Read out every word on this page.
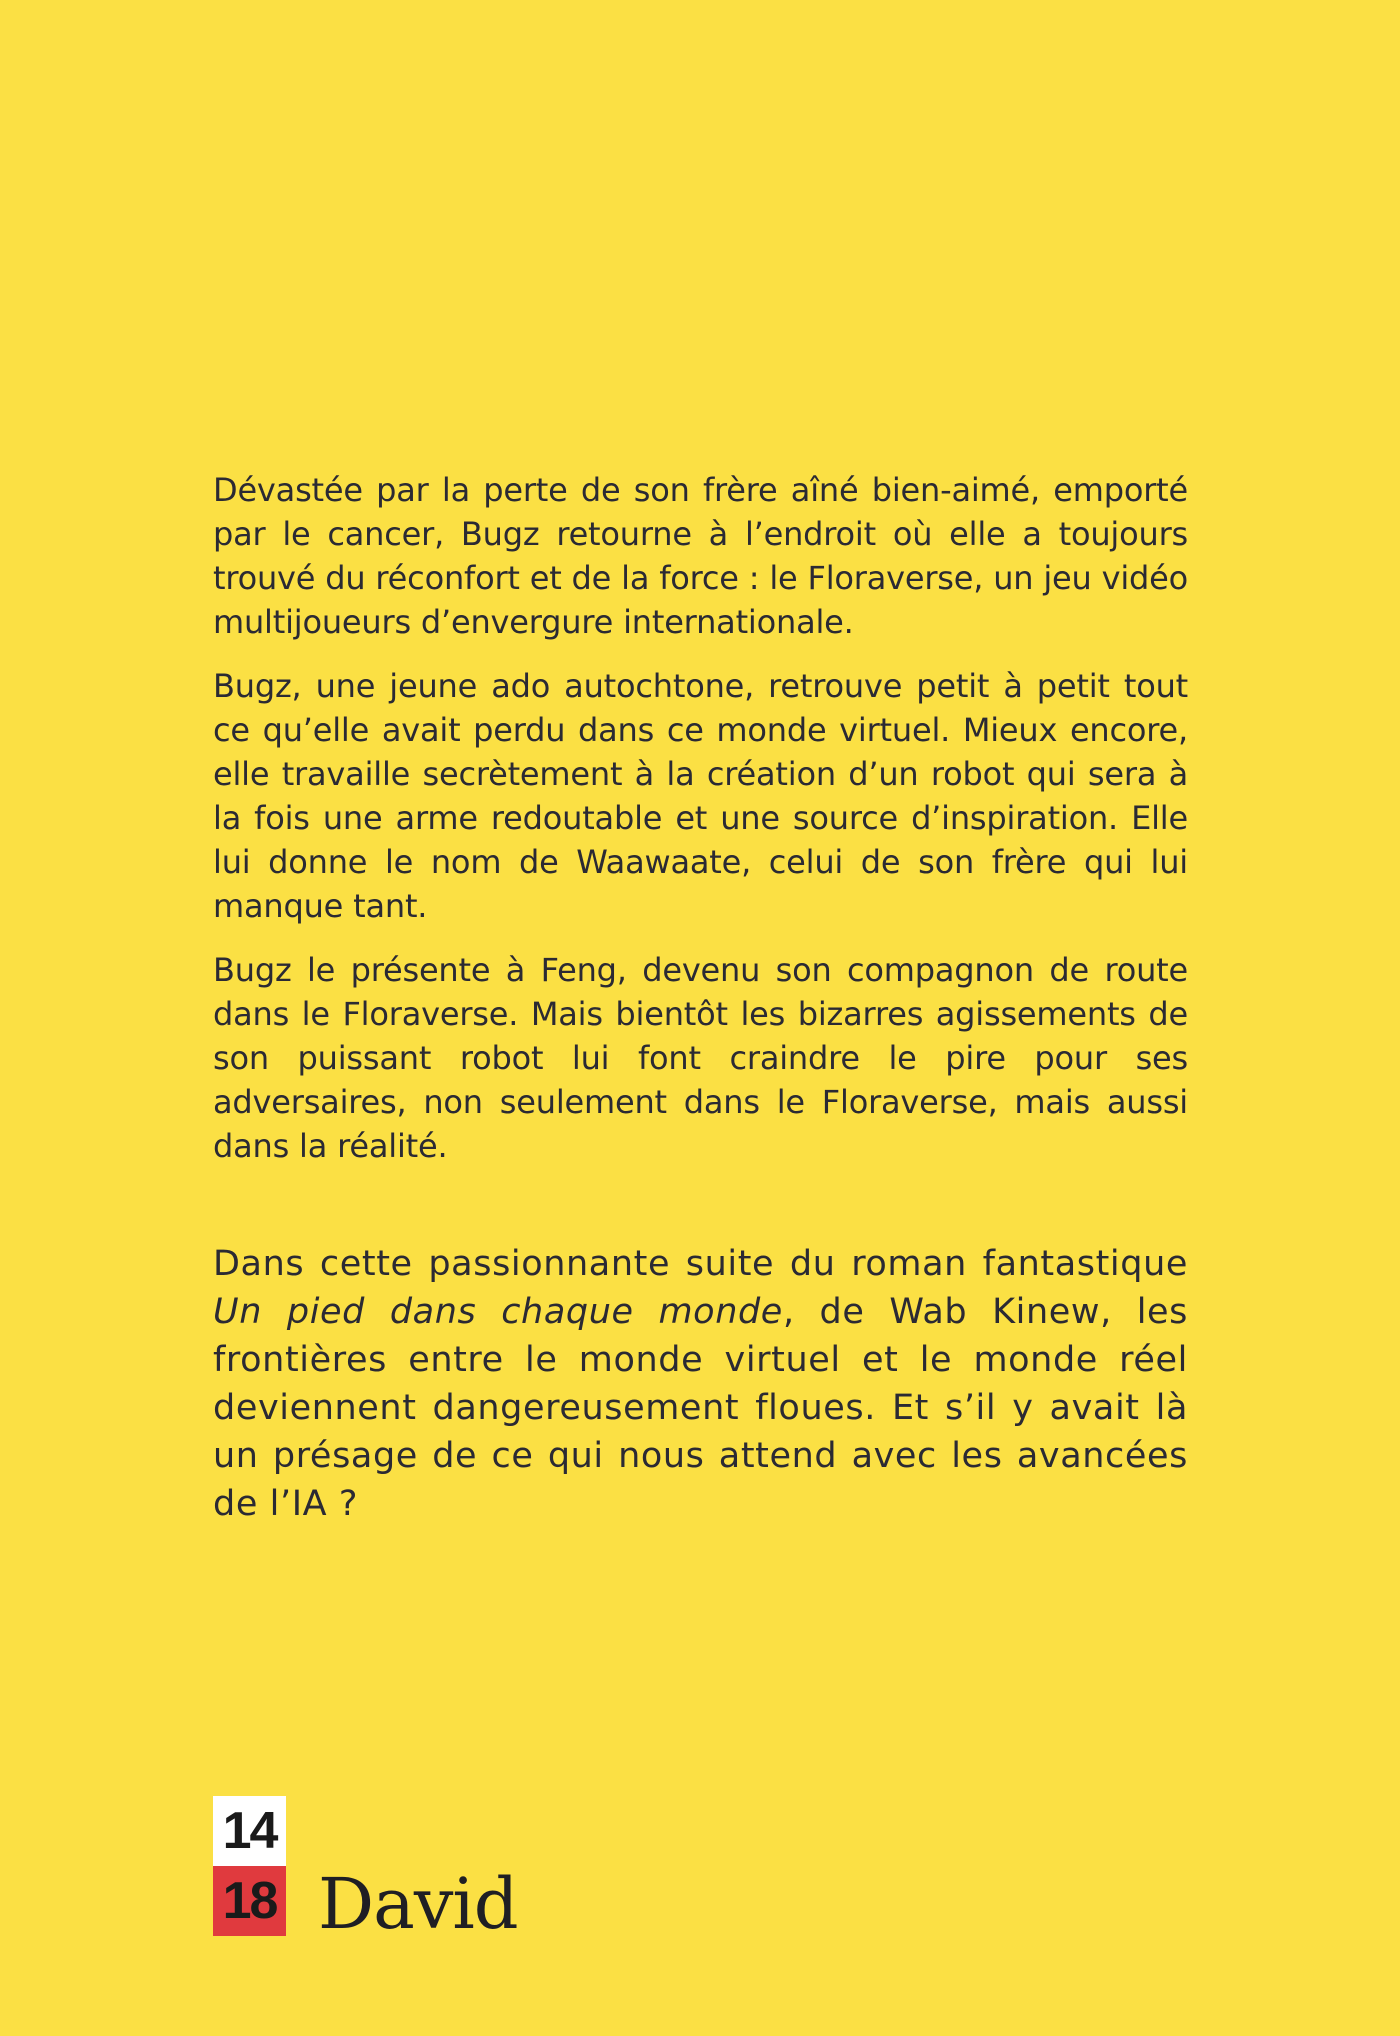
Dévastée par la perte de son frère aîné bien-aimé, emporté par le cancer, Bugz retourne à l’endroit où elle a toujours trouvé du réconfort et de la force : le Floraverse, un jeu vidéo multijoueurs d’envergure internationale.

Bugz, une jeune ado autochtone, retrouve petit à petit tout ce qu’elle avait perdu dans ce monde virtuel. Mieux encore, elle travaille secrètement à la création d’un robot qui sera à la fois une arme redoutable et une source d’inspiration. Elle lui donne le nom de Waawaate, celui de son frère qui lui manque tant.

Bugz le présente à Feng, devenu son compagnon de route dans le Floraverse. Mais bientôt les bizarres agissements de son puissant robot lui font craindre le pire pour ses adversaires, non seulement dans le Floraverse, mais aussi dans la réalité.

Dans cette passionnante suite du roman fantastique Un pied dans chaque monde, de Wab Kinew, les frontières entre le monde virtuel et le monde réel deviennent dangereusement floues. Et s’il y avait là un présage de ce qui nous attend avec les avancées de l’IA ?

14
18 David
